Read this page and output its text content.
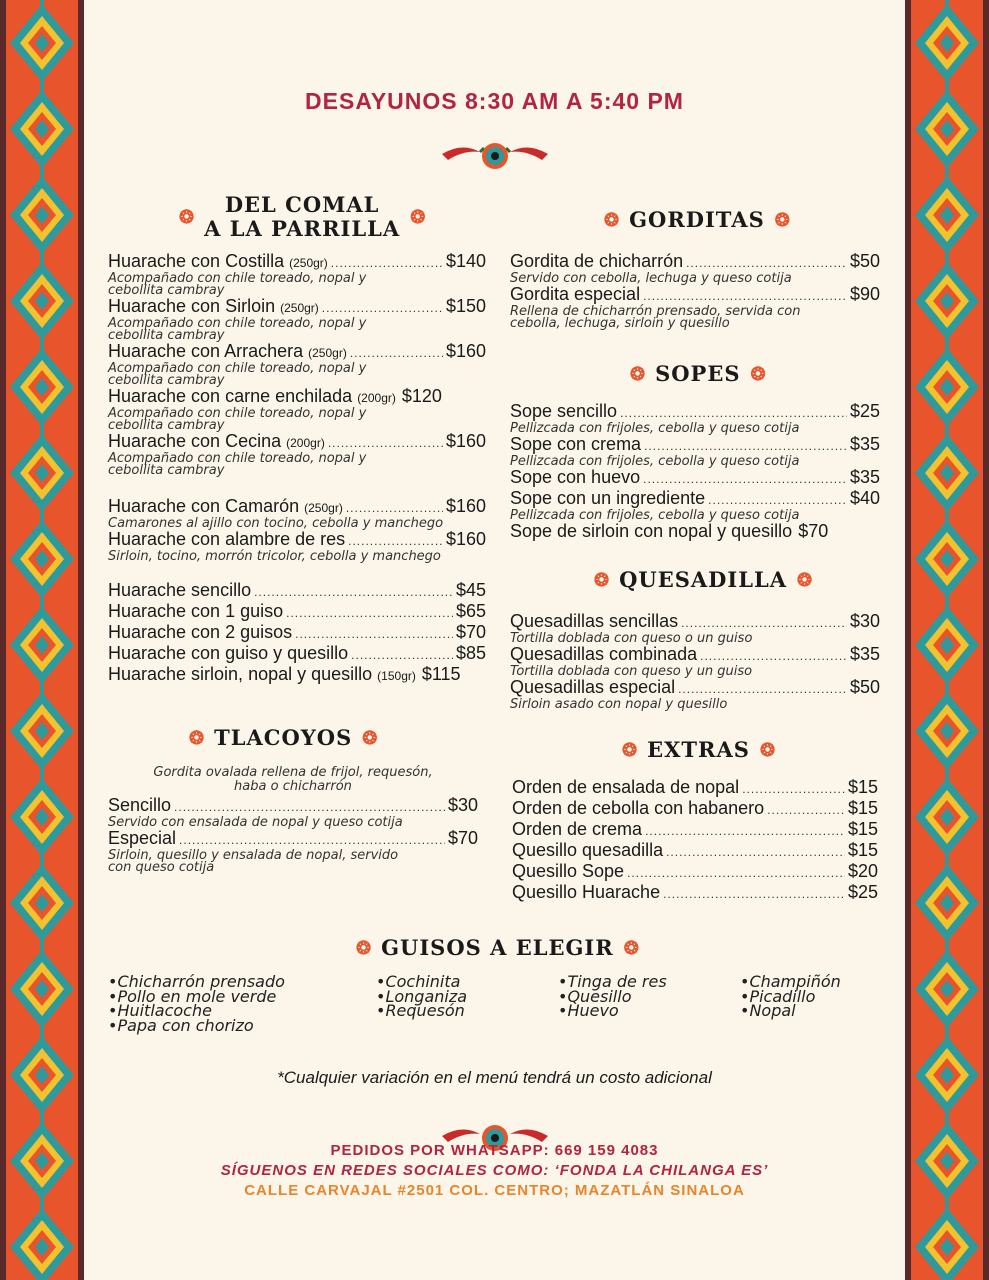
DESAYUNOS 8:30 AM A 5:40 PM
❂	DEL COMAL
A LA PARRILLA ❂
Huarache con Costilla (250gr) .....	$140
Acompañado con chile toreado, nopal y
cebollita cambray
Huarache con Sirloin (250gr) .....	$150
Acompañado con chile toreado, nopal y
cebollita cambray
Huarache con Arrachera (250gr) .....	$160
Acompañado con chile toreado, nopal y
cebollita cambray
Huarache con carne enchilada (200gr) $120
Acompañado con chile toreado, nopal y
cebollita cambray
Huarache con Cecina (200gr) .....	$160
Acompañado con chile toreado, nopal y
cebollita cambray
Huarache con Camarón (250gr) .....	$160
Camarones al ajillo con tocino, cebolla y manchego
Huarache con alambre de res .....	$160
Sirloin, tocino, morrón tricolor, cebolla y manchego
Huarache sencillo .....	$45
Huarache con 1 guiso .....	$65
Huarache con 2 guisos .....	$70
Huarache con guiso y quesillo .....	$85
Huarache sirloin, nopal y quesillo (150gr) $115
❂ TLACOYOS ❂
Gordita ovalada rellena de frijol, requesón,
haba o chicharrón
Sencillo .....	$30
Servido con ensalada de nopal y queso cotija
Especial .....	$70
Sirloin, quesillo y ensalada de nopal, servido
con queso cotija
❂ GORDITAS ❂
Gordita de chicharrón .....	$50
Servido con cebolla, lechuga y queso cotija
Gordita especial .....	$90
Rellena de chicharrón prensado, servida con
cebolla, lechuga, sirloin y quesillo
❂ SOPES ❂
Sope sencillo .....	$25
Pellizcada con frijoles, cebolla y queso cotija
Sope con crema .....	$35
Pellizcada con frijoles, cebolla y queso cotija
Sope con huevo .....	$35
Sope con un ingrediente .....	$40
Pellizcada con frijoles, cebolla y queso cotija
Sope de sirloin con nopal y quesillo $70
❂ QUESADILLA ❂
Quesadillas sencillas .....	$30
Tortilla doblada con queso o un guiso
Quesadillas combinada .....	$35
Tortilla doblada con queso y un guiso
Quesadillas especial .....	$50
Sirloin asado con nopal y quesillo
❂ EXTRAS ❂
Orden de ensalada de nopal .....	$15
Orden de cebolla con habanero .....	$15
Orden de crema .....	$15
Quesillo quesadilla .....	$15
Quesillo Sope .....	$20
Quesillo Huarache .....	$25
❂ GUISOS A ELEGIR ❂
•Chicharrón prensado
•Pollo en mole verde
•Huitlacoche
•Papa con chorizo
•Cochinita
•Longaniza
•Requesón
•Tinga de res
•Quesillo
•Huevo
•Champiñón
•Picadillo
•Nopal
*Cualquier variación en el menú tendrá un costo adicional
PEDIDOS POR WHATSAPP: 669 159 4083
SÍGUENOS EN REDES SOCIALES COMO: ‘FONDA LA CHILANGA ES’
CALLE CARVAJAL #2501 COL. CENTRO; MAZATLÁN SINALOA
